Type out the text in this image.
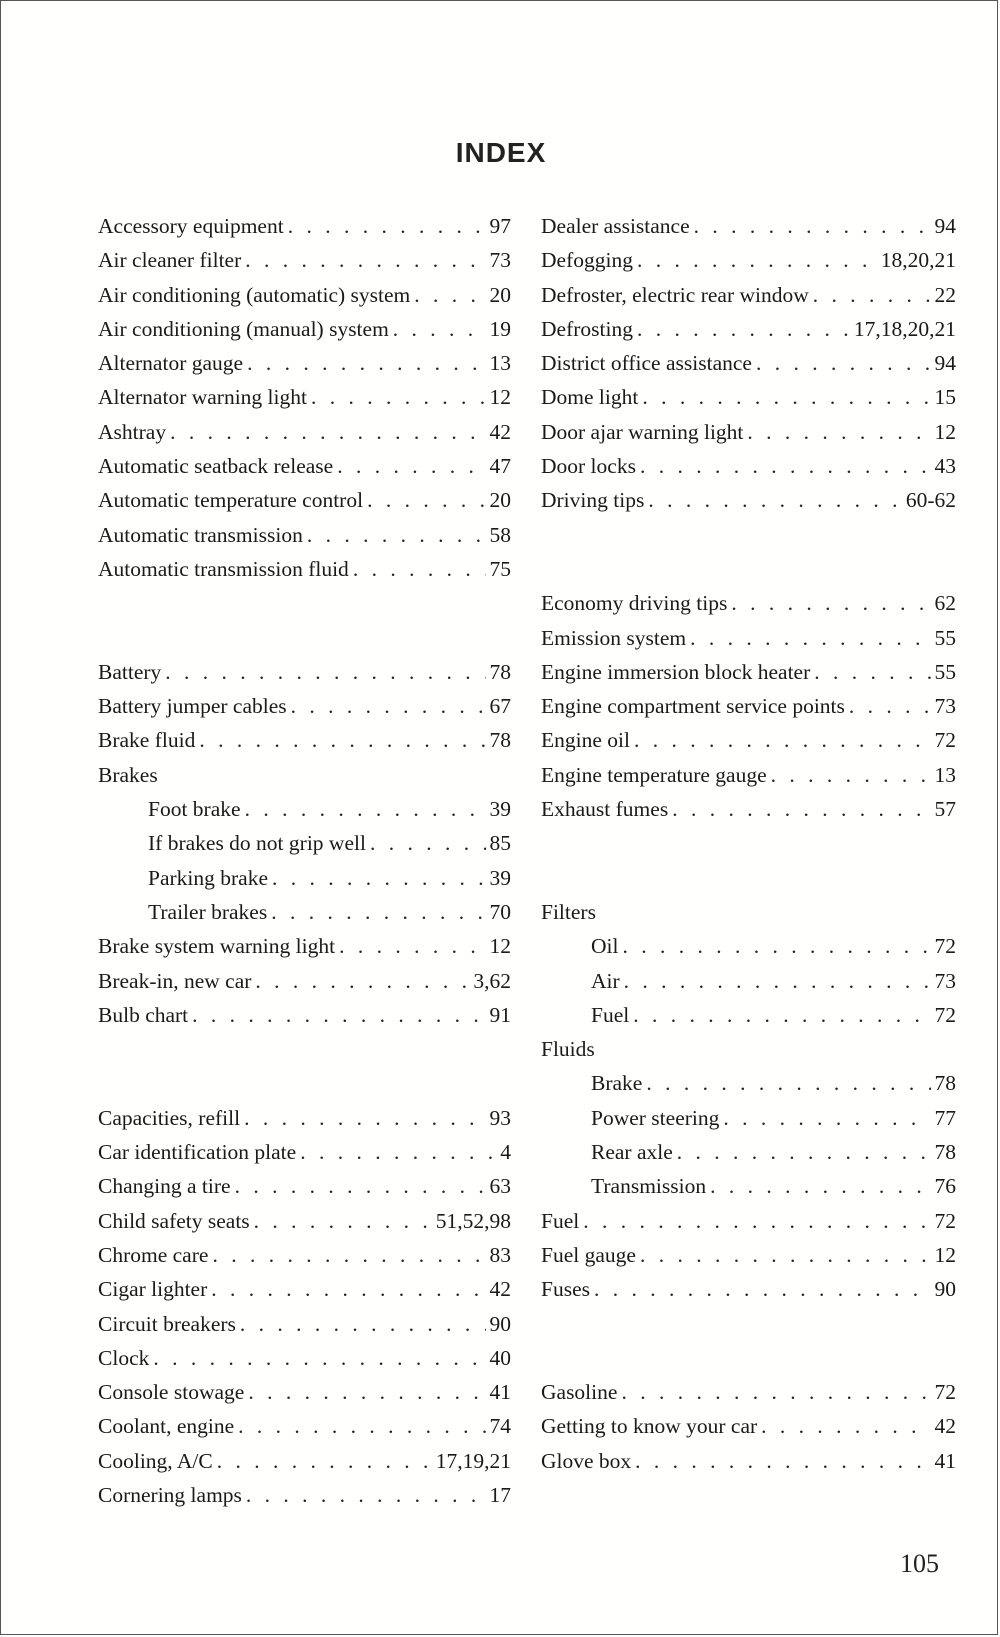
INDEX
Accessory equipment . . .	97
Air cleaner filter . . .	73
Air conditioning (automatic) system . . .	20
Air conditioning (manual) system . . .	19
Alternator gauge . . .	13
Alternator warning light . . .	12
Ashtray . . .	42
Automatic seatback release . . .	47
Automatic temperature control . . .	20
Automatic transmission . . .	58
Automatic transmission fluid . . .	75
Battery . . .	78
Battery jumper cables . . .	67
Brake fluid . . .	78
Brakes
Foot brake . . .	39
If brakes do not grip well . . .	85
Parking brake . . .	39
Trailer brakes . . .	70
Brake system warning light . . .	12
Break-in, new car . . .	3,62
Bulb chart . . .	91
Capacities, refill . . .	93
Car identification plate . . .	4
Changing a tire . . .	63
Child safety seats . . .	51,52,98
Chrome care . . .	83
Cigar lighter . . .	42
Circuit breakers . . .	90
Clock . . .	40
Console stowage . . .	41
Coolant, engine . . .	74
Cooling, A/C . . .	17,19,21
Cornering lamps . . .	17
Dealer assistance . . .	94
Defogging . . .	18,20,21
Defroster, electric rear window . . .	22
Defrosting . . .	17,18,20,21
District office assistance . . .	94
Dome light . . .	15
Door ajar warning light . . .	12
Door locks . . .	43
Driving tips . . .	60-62
Economy driving tips . . .	62
Emission system . . .	55
Engine immersion block heater . . .	55
Engine compartment service points . . .	73
Engine oil . . .	72
Engine temperature gauge . . .	13
Exhaust fumes . . .	57
Filters
Oil . . .	72
Air . . .	73
Fuel . . .	72
Fluids
Brake . . .	78
Power steering . . .	77
Rear axle . . .	78
Transmission . . .	76
Fuel . . .	72
Fuel gauge . . .	12
Fuses . . .	90
Gasoline . . .	72
Getting to know your car . . .	42
Glove box . . .	41
105
